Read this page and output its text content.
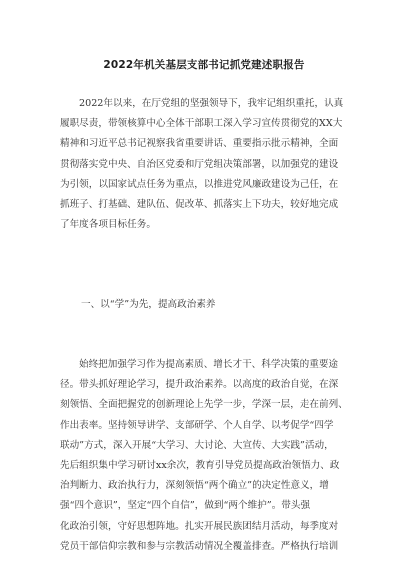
2022年机关基层支部书记抓党建述职报告
2022年以来，在厅党组的坚强领导下，我牢记组织重托，认真
履职尽责，带领核算中心全体干部职工深入学习宣传贯彻党的XX大
精神和习近平总书记视察我省重要讲话、重要指示批示精神，全面
贯彻落实党中央、自治区党委和厅党组决策部署，以加强党的建设
为引领，以国家试点任务为重点，以推进党风廉政建设为己任，在
抓班子、打基础、建队伍、促改革、抓落实上下功夫，较好地完成
了年度各项目标任务。
一、以“学”为先，提高政治素养
始终把加强学习作为提高素质、增长才干、科学决策的重要途
径。带头抓好理论学习，提升政治素养。以高度的政治自觉，在深
刻领悟、全面把握党的创新理论上先学一步，学深一层，走在前列、
作出表率。坚持领导讲学、支部研学、个人自学、以考促学“四学
联动”方式，深入开展“大学习、大讨论、大宣传、大实践”活动，
先后组织集中学习研讨xx余次，教育引导党员提高政治领悟力、政
治判断力、政治执行力，深刻领悟“两个确立”的决定性意义，增
强“四个意识”，坚定“四个自信”，做到“两个维护”。带头强
化政治引领，守好思想阵地。扎实开展民族团结月活动，每季度对
党员干部信仰宗教和参与宗教活动情况全覆盖排查。严格执行培训
